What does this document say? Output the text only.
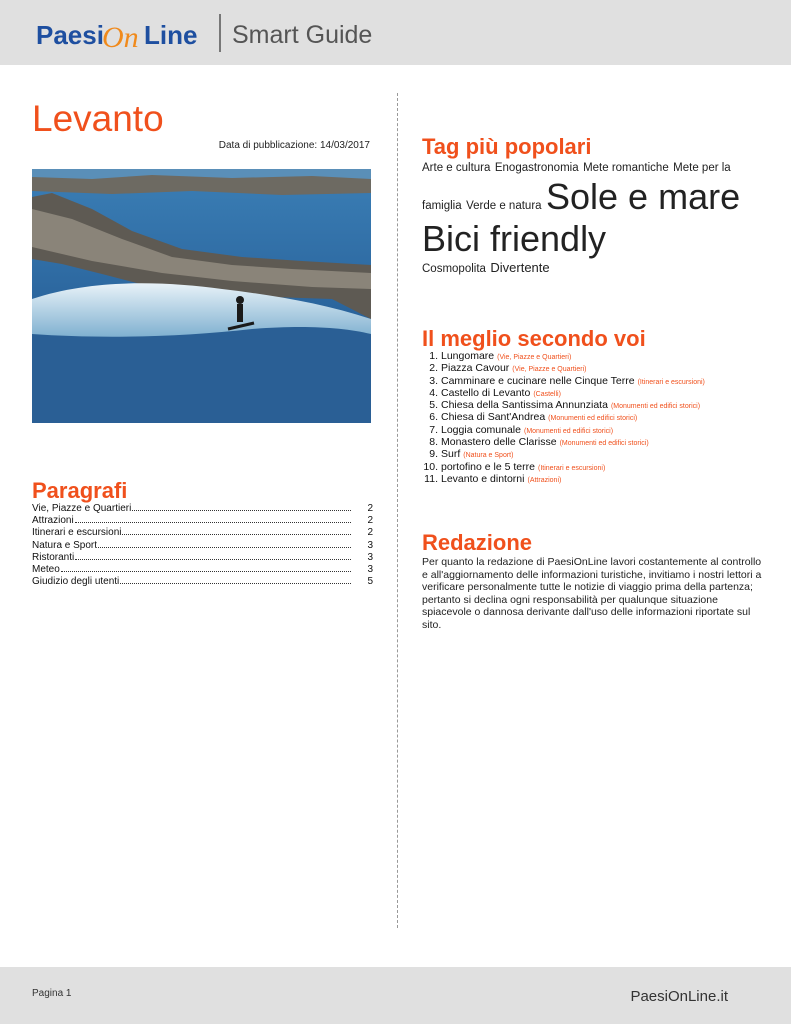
Paesi
On Line Smart Guide
Levanto
Data di pubblicazione: 14/03/2017
Paragrafi
Vie, Piazze e Quartieri	2
Attrazioni	2
Itinerari e escursioni	2
Natura e Sport	3
Ristoranti	3
Meteo	3
Giudizio degli utenti	5
Tag più popolari
Arte e cultura Enogastronomia Mete romantiche Mete per la famiglia Verde e natura Sole e mare Bici friendly
Cosmopolita Divertente
Il meglio secondo voi
1. Lungomare (Vie, Piazze e Quartieri)
2. Piazza Cavour (Vie, Piazze e Quartieri)
3. Camminare e cucinare nelle Cinque Terre (Itinerari e escursioni)
4. Castello di Levanto (Castelli)
5. Chiesa della Santissima Annunziata (Monumenti ed edifici storici)
6. Chiesa di Sant'Andrea (Monumenti ed edifici storici)
7. Loggia comunale (Monumenti ed edifici storici)
8. Monastero delle Clarisse (Monumenti ed edifici storici)
9. Surf (Natura e Sport)
10. portofino e le 5 terre (Itinerari e escursioni)
11. Levanto e dintorni (Attrazioni)
Redazione

Per quanto la redazione di PaesiOnLine lavori costantemente al controllo e all'aggiornamento delle informazioni turistiche, invitiamo i nostri lettori a verificare personalmente tutte le notizie di viaggio prima della partenza; pertanto si declina ogni responsabilità per qualunque situazione spiacevole o dannosa derivante dall'uso delle informazioni riportate sul sito.

Pagina 1	PaesiOnLine.it
